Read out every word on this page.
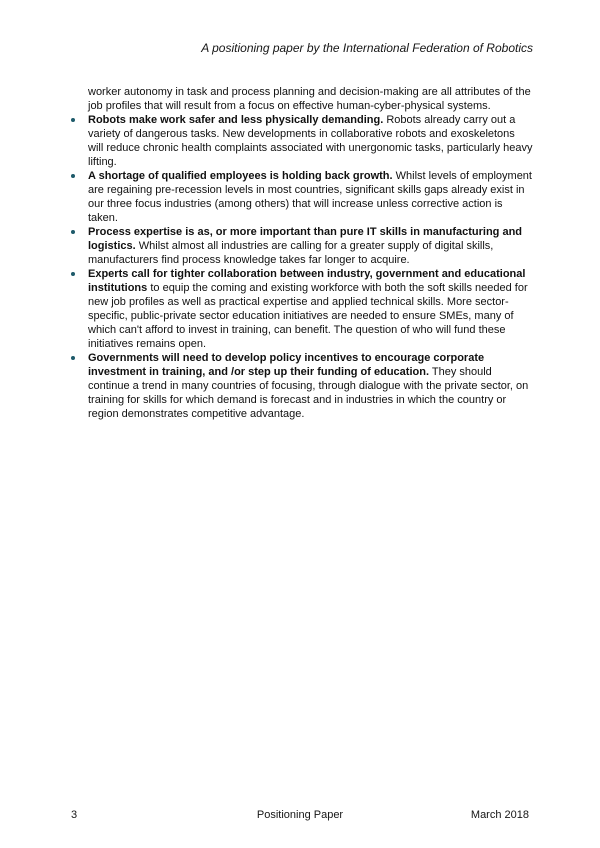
A positioning paper by the International Federation of Robotics

worker autonomy in task and process planning and decision-making are all attributes of the job profiles that will result from a focus on effective human-cyber-physical systems.

Robots make work safer and less physically demanding. Robots already carry out a variety of dangerous tasks. New developments in collaborative robots and exoskeletons will reduce chronic health complaints associated with unergonomic tasks, particularly heavy lifting.
A shortage of qualified employees is holding back growth. Whilst levels of employment are regaining pre-recession levels in most countries, significant skills gaps already exist in our three focus industries (among others) that will increase unless corrective action is taken.
Process expertise is as, or more important than pure IT skills in manufacturing and logistics. Whilst almost all industries are calling for a greater supply of digital skills, manufacturers find process knowledge takes far longer to acquire.
Experts call for tighter collaboration between industry, government and educational institutions to equip the coming and existing workforce with both the soft skills needed for new job profiles as well as practical expertise and applied technical skills. More sector-specific, public-private sector education initiatives are needed to ensure SMEs, many of which can't afford to invest in training, can benefit. The question of who will fund these initiatives remains open.
Governments will need to develop policy incentives to encourage corporate investment in training, and /or step up their funding of education. They should continue a trend in many countries of focusing, through dialogue with the private sector, on training for skills for which demand is forecast and in industries in which the country or region demonstrates competitive advantage.
3	Positioning Paper	March 2018
